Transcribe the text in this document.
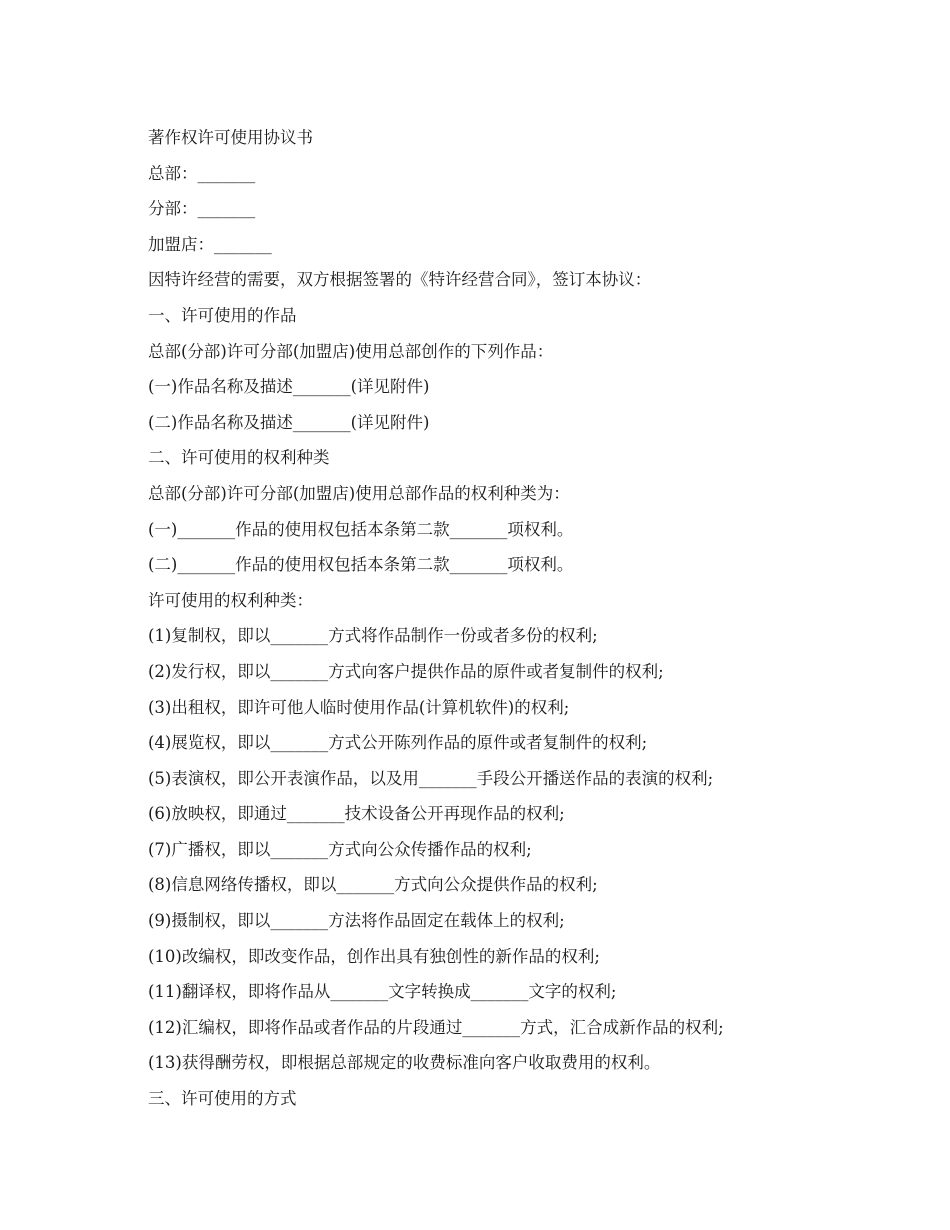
著作权许可使用协议书
总部：_______
分部：_______
加盟店：_______
因特许经营的需要，双方根据签署的《特许经营合同》，签订本协议：
一、许可使用的作品
总部(分部)许可分部(加盟店)使用总部创作的下列作品：
(一)作品名称及描述_______(详见附件)
(二)作品名称及描述_______(详见附件)
二、许可使用的权利种类
总部(分部)许可分部(加盟店)使用总部作品的权利种类为：
(一)_______作品的使用权包括本条第二款_______项权利。
(二)_______作品的使用权包括本条第二款_______项权利。
许可使用的权利种类：
(1)复制权，即以_______方式将作品制作一份或者多份的权利;
(2)发行权，即以_______方式向客户提供作品的原件或者复制件的权利;
(3)出租权，即许可他人临时使用作品(计算机软件)的权利;
(4)展览权，即以_______方式公开陈列作品的原件或者复制件的权利;
(5)表演权，即公开表演作品，以及用_______手段公开播送作品的表演的权利;
(6)放映权，即通过_______技术设备公开再现作品的权利;
(7)广播权，即以_______方式向公众传播作品的权利;
(8)信息网络传播权，即以_______方式向公众提供作品的权利;
(9)摄制权，即以_______方法将作品固定在载体上的权利;
(10)改编权，即改变作品，创作出具有独创性的新作品的权利;
(11)翻译权，即将作品从_______文字转换成_______文字的权利;
(12)汇编权，即将作品或者作品的片段通过_______方式，汇合成新作品的权利;
(13)获得酬劳权，即根据总部规定的收费标准向客户收取费用的权利。
三、许可使用的方式
